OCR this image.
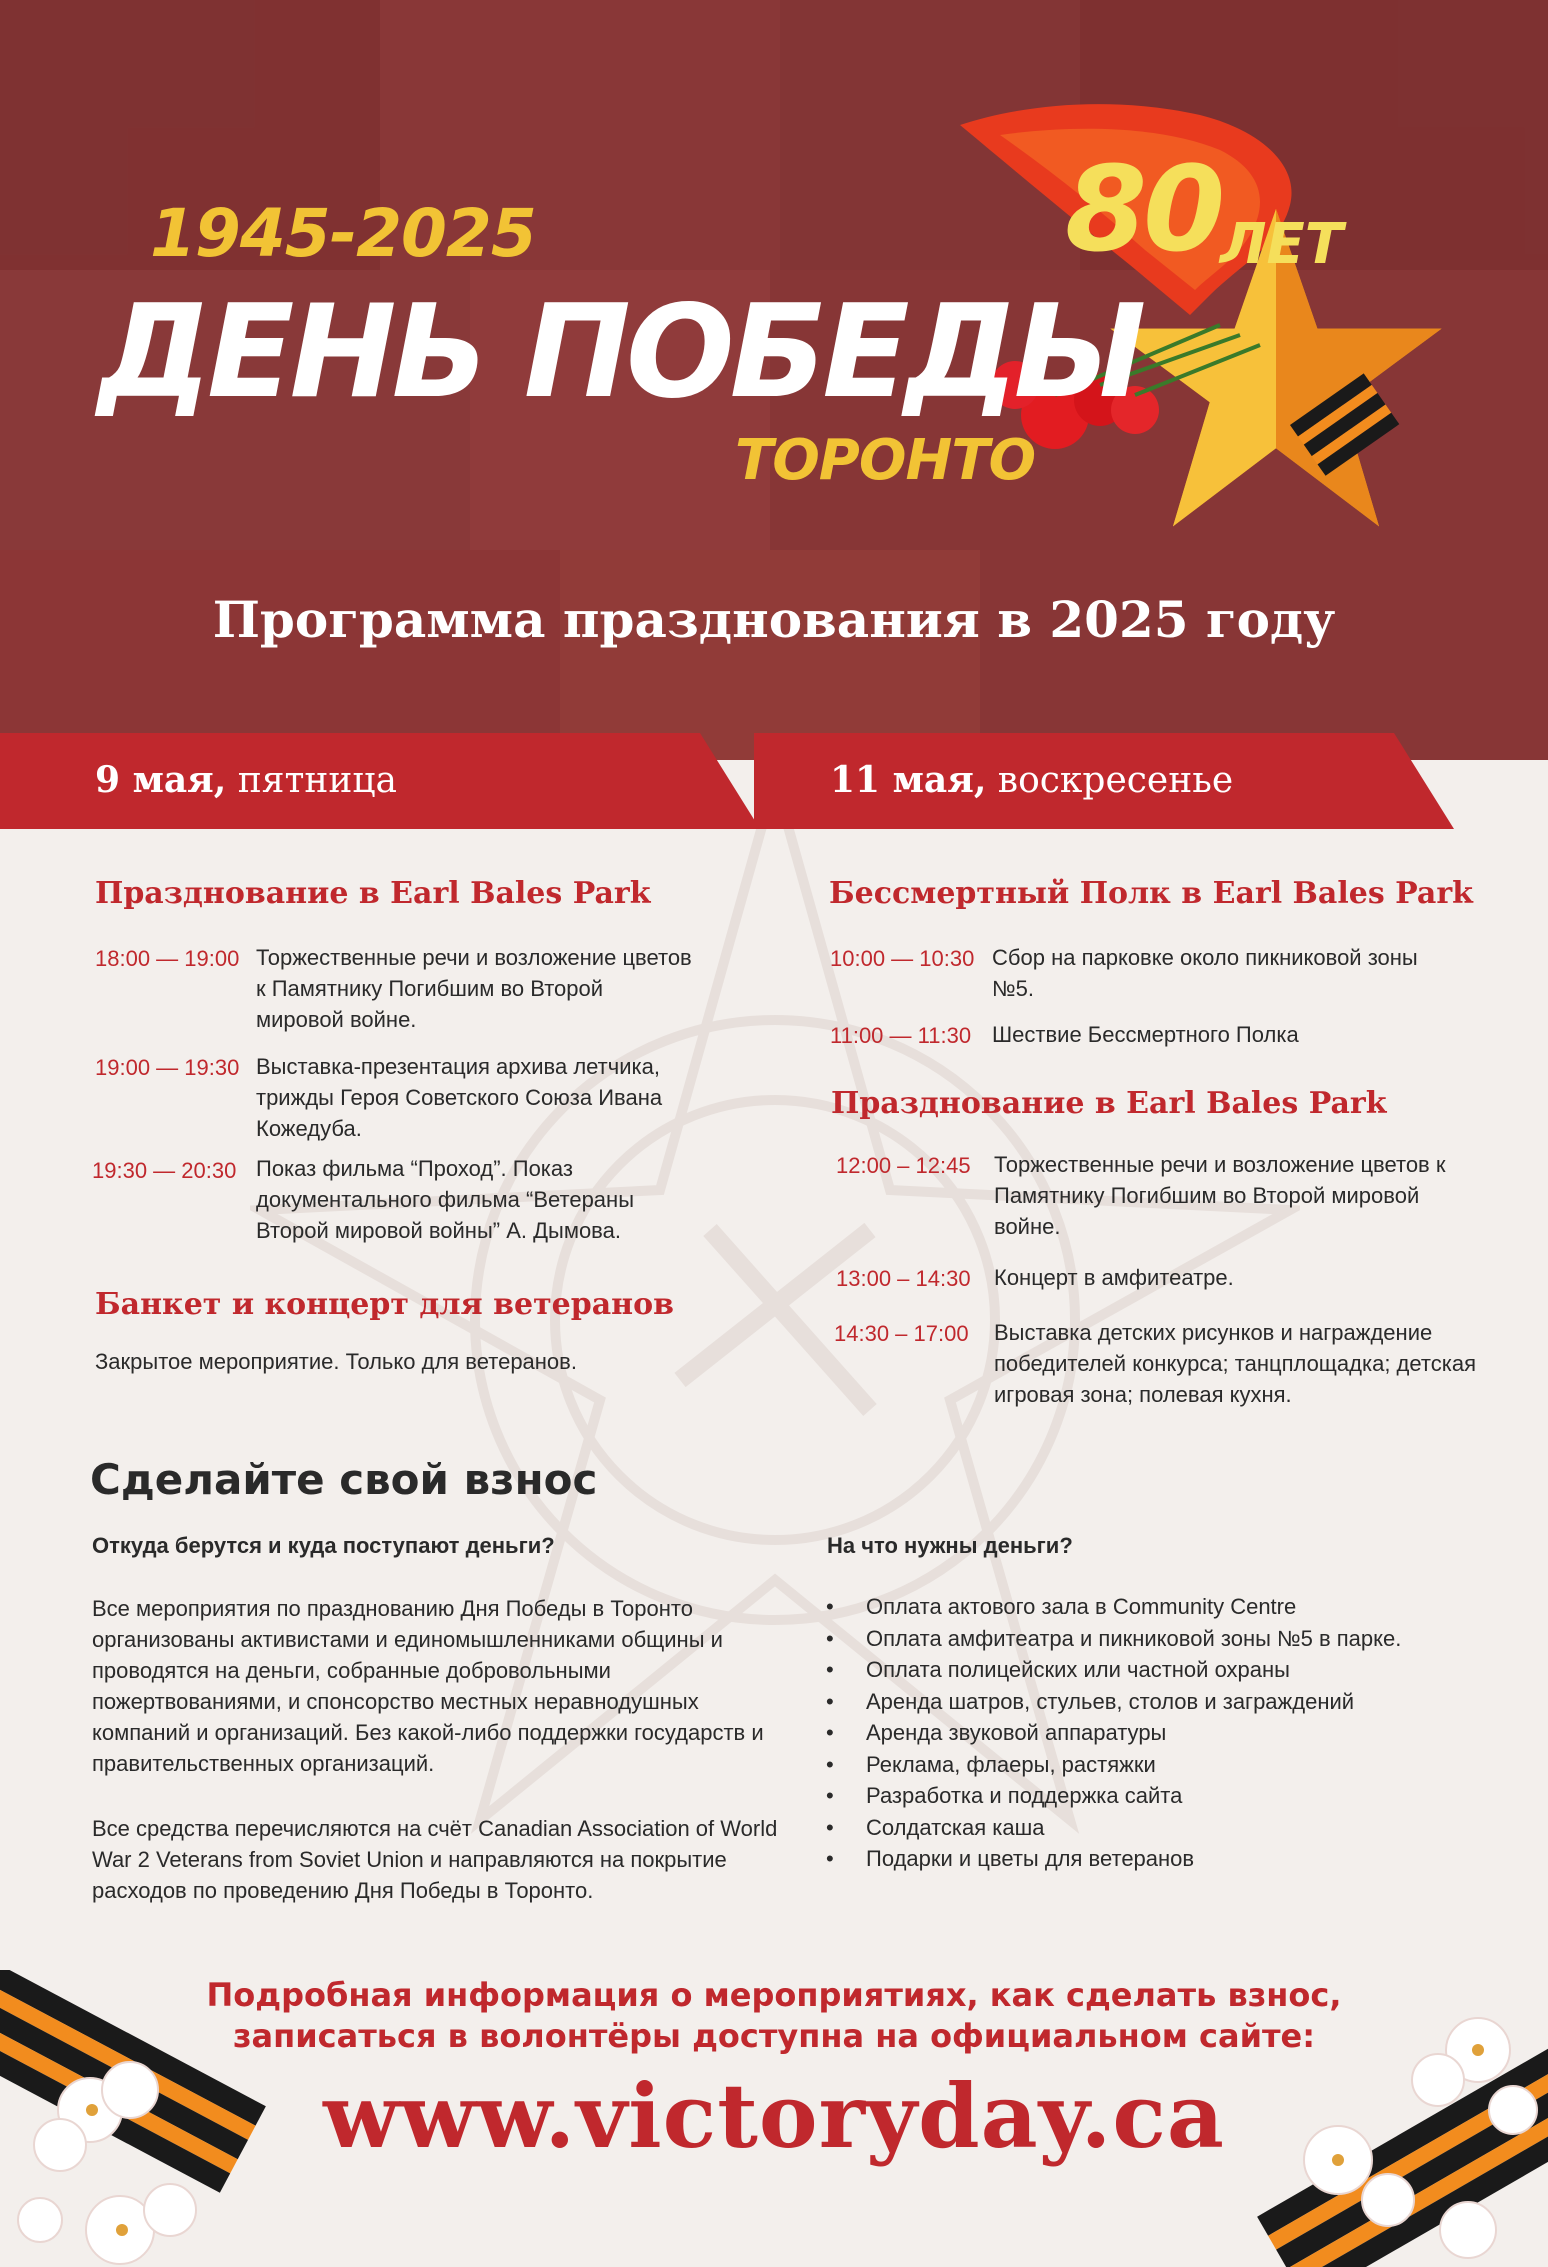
1945-2025
ДЕНЬ ПОБЕДЫ
ТОРОНТО
80
ЛЕТ
Программа празднования в 2025 году
9 мая, пятница	11 мая, воскресенье
Празднование в Earl Bales Park
18:00 — 19:00 Торжественные речи и возложение цветов к Памятнику Погибшим во Второй мировой войне.
19:00 — 19:30 Выставка-презентация архива летчика, трижды Героя Советского Союза Ивана Кожедуба.
19:30 — 20:30 Показ фильма “Проход”. Показ документального фильма “Ветераны Второй мировой войны” А. Дымова.
Банкет и концерт для ветеранов
Закрытое мероприятие. Только для ветеранов.
Бессмертный Полк в Earl Bales Park
10:00 — 10:30 Сбор на парковке около пикниковой зоны №5.
11:00 — 11:30 Шествие Бессмертного Полка
Празднование в Earl Bales Park
12:00 – 12:45 Торжественные речи и возложение цветов к Памятнику Погибшим во Второй мировой войне.
13:00 – 14:30 Концерт в амфитеатре.
14:30 – 17:00 Выставка детских рисунков и награждение победителей конкурса; танцплощадка; детская игровая зона; полевая кухня.
Сделайте свой взнос
Откуда берутся и куда поступают деньги?
Все мероприятия по празднованию Дня Победы в Торонто организованы активистами и единомышленниками общины и проводятся на деньги, собранные добровольными пожертвованиями, и спонсорство местных неравнодушных компаний и организаций. Без какой-либо поддержки государств и правительственных организаций.
Все средства перечисляются на счёт Canadian Association of World War 2 Veterans from Soviet Union и направляются на покрытие расходов по проведению Дня Победы в Торонто.
На что нужны деньги?
• Оплата актового зала в Community Centre
• Оплата амфитеатра и пикниковой зоны №5 в парке.
• Оплата полицейских или частной охраны
• Аренда шатров, стульев, столов и заграждений
• Аренда звуковой аппаратуры
• Реклама, флаеры, растяжки
• Разработка и поддержка сайта
• Солдатская каша
• Подарки и цветы для ветеранов
Подробная информация о мероприятиях, как сделать взнос,
записаться в волонтёры доступна на официальном сайте:
www.victoryday.ca
